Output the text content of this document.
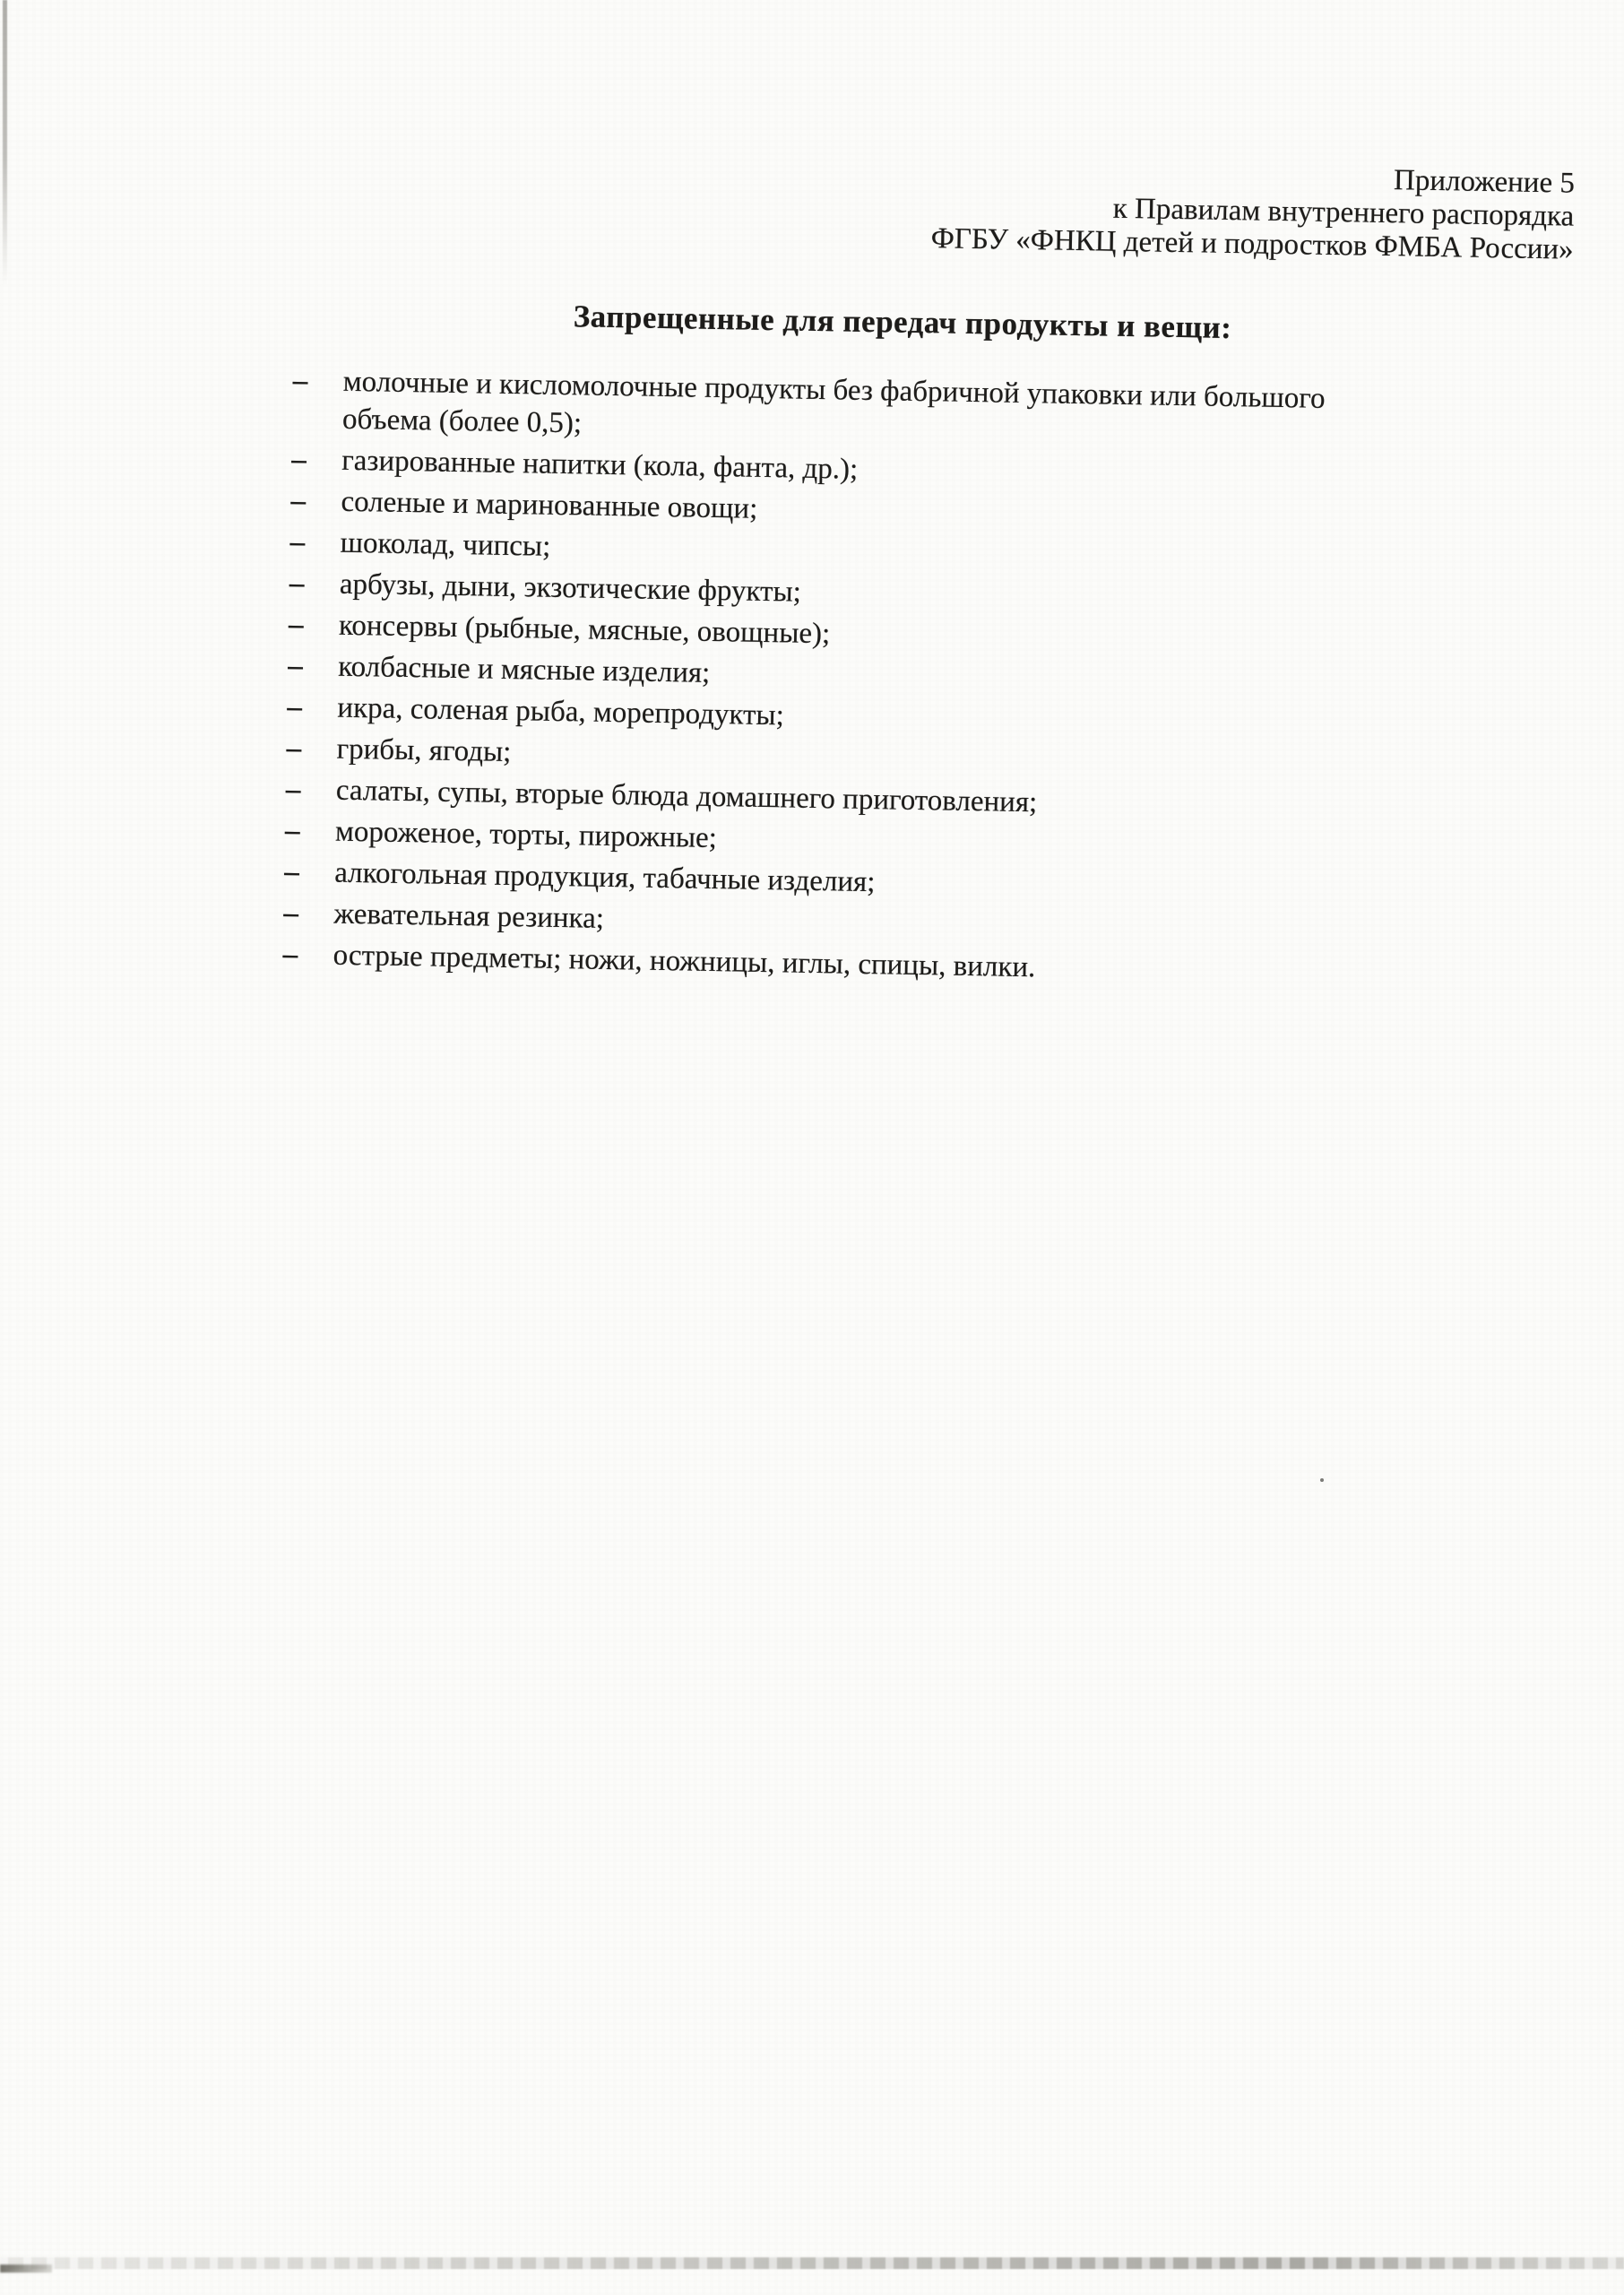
Приложение 5
к Правилам внутреннего распорядка
ФГБУ «ФНКЦ детей и подростков ФМБА России»
Запрещенные для передач продукты и вещи:
–	молочные и кисломолочные продукты без фабричной упаковки или большого
объема (более 0,5);
–	газированные напитки (кола, фанта, др.);
–	соленые и маринованные овощи;
–	шоколад, чипсы;
–	арбузы, дыни, экзотические фрукты;
–	консервы (рыбные, мясные, овощные);
–	колбасные и мясные изделия;
–	икра, соленая рыба, морепродукты;
–	грибы, ягоды;
–	салаты, супы, вторые блюда домашнего приготовления;
–	мороженое, торты, пирожные;
–	алкогольная продукция, табачные изделия;
–	жевательная резинка;
–	острые предметы; ножи, ножницы, иглы, спицы, вилки.
